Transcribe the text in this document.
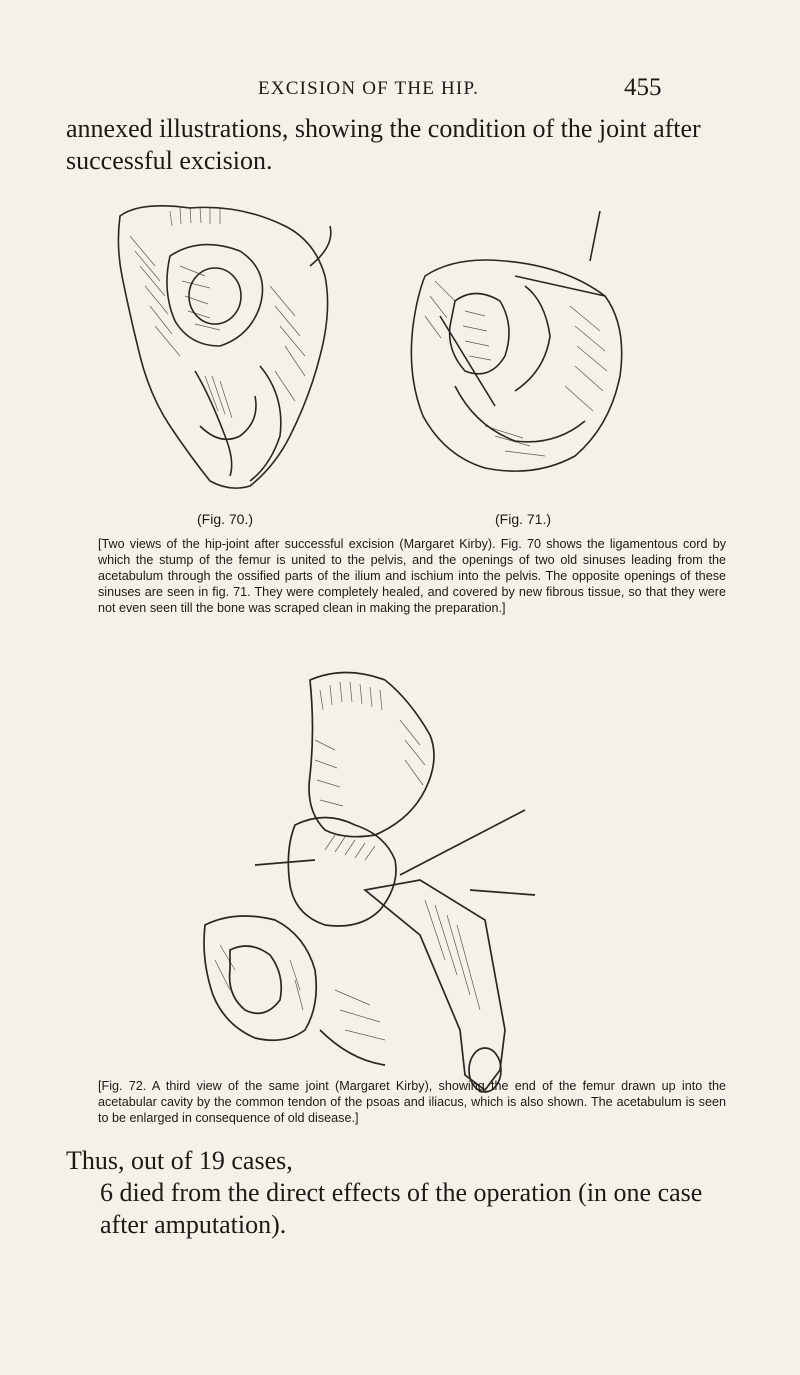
EXCISION OF THE HIP.	455

annexed illustrations, showing the condition of the joint after successful excision.

(Fig. 70.)	(Fig. 71.)

[Two views of the hip-joint after successful excision (Margaret Kirby). Fig. 70 shows the ligamentous cord by which the stump of the femur is united to the pelvis, and the openings of two old sinuses leading from the acetabulum through the ossified parts of the ilium and ischium into the pelvis. The opposite openings of these sinuses are seen in fig. 71. They were completely healed, and covered by new fibrous tissue, so that they were not even seen till the bone was scraped clean in making the preparation.]

[Fig. 72. A third view of the same joint (Margaret Kirby), showing the end of the femur drawn up into the acetabular cavity by the common tendon of the psoas and iliacus, which is also shown. The acetabulum is seen to be enlarged in consequence of old disease.]

Thus, out of 19 cases,
6 died from the direct effects of the operation (in one case
after amputation).
